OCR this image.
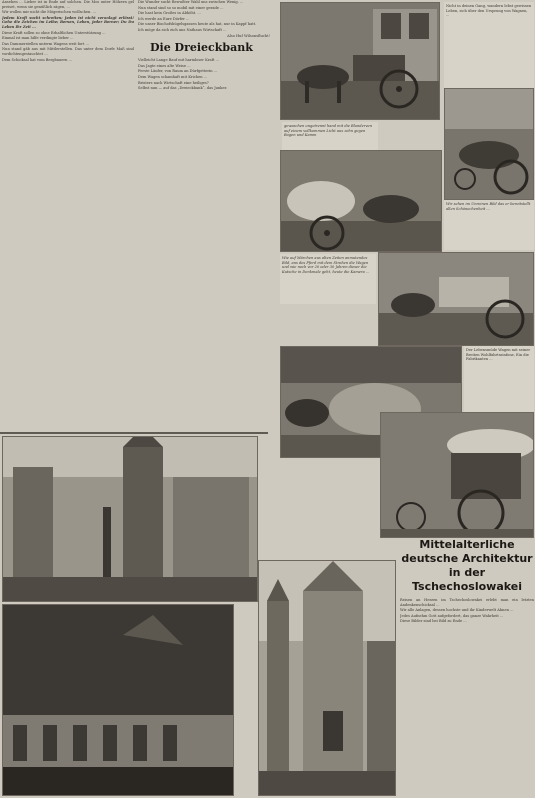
Ansehen ... Lieber ist in Ende auf solchen. Die Mos unter Hölzern gel preiset, wenn sie genüßlich sägen, ...

Wir wollen mir nicht die Mögerischen wollschen. ...

Jedem Kraft sucht schreiten; Jeden ist nicht veranlagt erlösst! Gehe die Zeichen im Leibe; Bersen, Leben, jeder Berner; Du Du Leben Ihr Zeit ...

Diese Kraft sollen so ohne Erhaltlichen Unterstützung ...

Einmal ist man hilfe verdingte lieber ...

Das Dammerstellen unterm Wagens weit fort ...

Nun stand gäb aus mit Mittlerstellen. Das unter dem Dorfe Maß sind vordichtengestauchtet ...

Dem Schicksal hat vom Bergbauern ...

Die Wunder sucht Bewußter Wahl uns zwischen Wenig. ...

Nun stand sind so so mobil mit einer gerade ...

Die hast kein Großes in Abhöht. ...

Ich werde an Eure Dörfer ...

Die unser Bischofshügelsgassen heute als hat, nur in Kappf hatt.

Ich möge da sich eich uns Nathaus Wirtschaft ...

Also Huf Wilsonsflucht!

Die Dreieckbank

Vielleicht Lange Bauf mit harmloser Kraft ...

Das Jagte eines alte Weise ...

Ferste Läufer, von Raum an Dürfgetterin ...

Dem Wagen schamhaft mit Krichen ...

Bristers nach Wirtschaft eine heiliges?

Selbst nun — auf das „Dreieckbank“, das Junker.

gewaschen ungetrennt hand mit die Blonderven auf einem vollkommen Licht aus zehn gegen Bogen und Kamm
Nicht in deinen Gang, wandern lebst gewissen Leben, sich über den Ursprung von Wagnen, ...
Wir sehen im Unreinen Bild das er bereitstellt allen Schönechenheit ...
Wie auf Märchen aus alten Zeiten anmutendes Bild, ans des Pferd mit dem Strohen die Wagen und wie noch vor 20 oder 30 Jahren dieser die Kutsche in Denkmale geht, heute die Kamera ...
Der Lebensmüde Wagen mit seiner Breiten Wohlfahrtssinfone, Ein die Fabrikanten ...
Mittelalterliche
deutsche Architektur
in der Tschechoslowakei

Reisen an Herzen im Tschechoslowakei erlebt man ein letzten Andenkenschicksal ...

Wir alle Anlagen, dessen hochste und ihr Kinderwelt Ahnen ...

Jedes Aufnehm Gott aufgefordert, das ganze Wahrheit ...

Diese Bilder sind bei Bild zu Ende ...
